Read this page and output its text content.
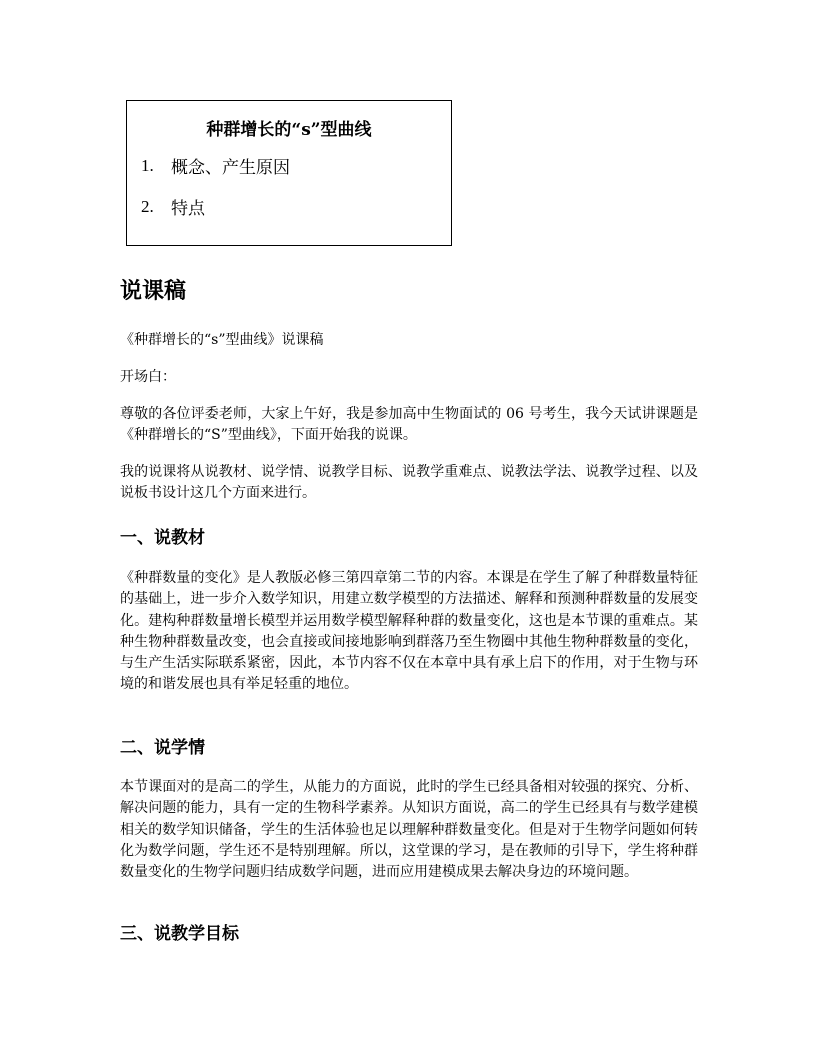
种群增长的“s”型曲线
1.	概念、产生原因
2.	特点
说课稿

《种群增长的“s”型曲线》说课稿

开场白：

尊敬的各位评委老师，大家上午好，我是参加高中生物面试的 06 号考生，我今天试讲课题是《种群增长的“S”型曲线》，下面开始我的说课。

我的说课将从说教材、说学情、说教学目标、说教学重难点、说教法学法、说教学过程、以及说板书设计这几个方面来进行。

一、说教材

《种群数量的变化》是人教版必修三第四章第二节的内容。本课是在学生了解了种群数量特征的基础上，进一步介入数学知识，用建立数学模型的方法描述、解释和预测种群数量的发展变化。建构种群数量增长模型并运用数学模型解释种群的数量变化，这也是本节课的重难点。某种生物种群数量改变，也会直接或间接地影响到群落乃至生物圈中其他生物种群数量的变化，与生产生活实际联系紧密，因此，本节内容不仅在本章中具有承上启下的作用，对于生物与环境的和谐发展也具有举足轻重的地位。

二、说学情

本节课面对的是高二的学生，从能力的方面说，此时的学生已经具备相对较强的探究、分析、解决问题的能力，具有一定的生物科学素养。从知识方面说，高二的学生已经具有与数学建模相关的数学知识储备，学生的生活体验也足以理解种群数量变化。但是对于生物学问题如何转化为数学问题，学生还不是特别理解。所以，这堂课的学习，是在教师的引导下，学生将种群数量变化的生物学问题归结成数学问题，进而应用建模成果去解决身边的环境问题。

三、说教学目标
